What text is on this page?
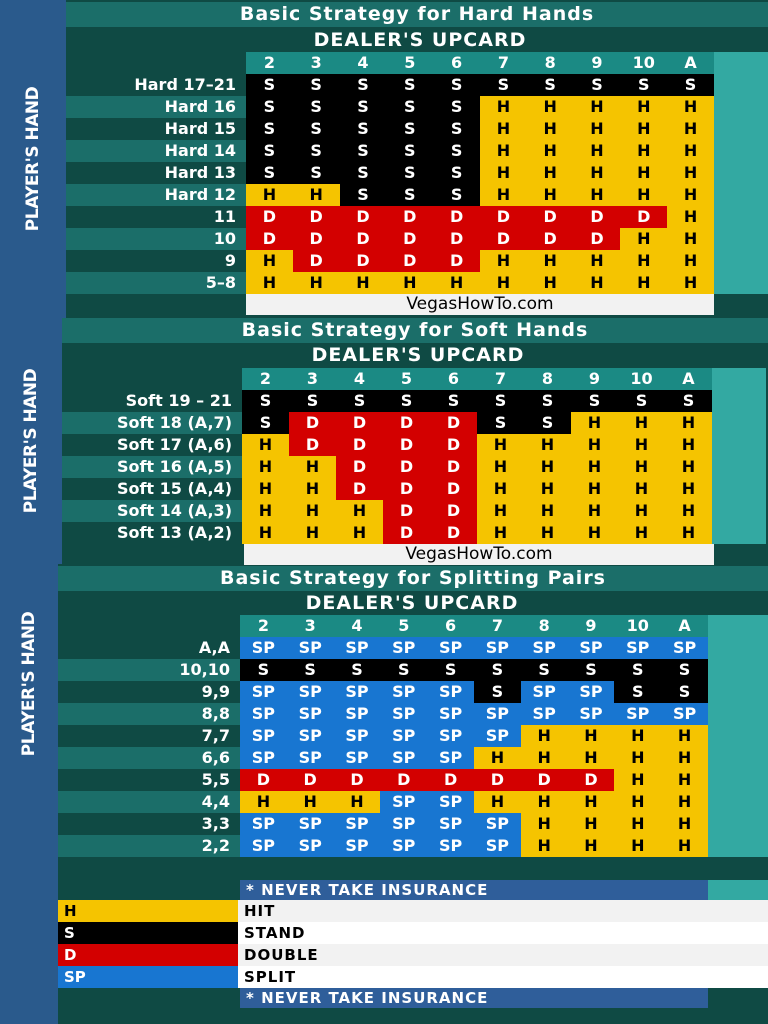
PLAYER'S HAND
Basic Strategy for Hard Hands
DEALER'S UPCARD
2	3	4	5	6	7	8	9	10	A
Hard 17–21	S	S	S	S	S	S	S	S	S	S
Hard 16	S	S	S	S	S	H	H	H	H	H
Hard 15	S	S	S	S	S	H	H	H	H	H
Hard 14	S	S	S	S	S	H	H	H	H	H
Hard 13	S	S	S	S	S	H	H	H	H	H
Hard 12	H	H	S	S	S	H	H	H	H	H
11	D	D	D	D	D	D	D	D	D	H
10	D	D	D	D	D	D	D	D	H	H
9	H	D	D	D	D	H	H	H	H	H
5–8	H	H	H	H	H	H	H	H	H	H
VegasHowTo.com
PLAYER'S HAND
Basic Strategy for Soft Hands
DEALER'S UPCARD
2	3	4	5	6	7	8	9	10	A
Soft 19 – 21	S	S	S	S	S	S	S	S	S	S
Soft 18 (A,7)	S	D	D	D	D	S	S	H	H	H
Soft 17 (A,6)	H	D	D	D	D	H	H	H	H	H
Soft 16 (A,5)	H	H	D	D	D	H	H	H	H	H
Soft 15 (A,4)	H	H	D	D	D	H	H	H	H	H
Soft 14 (A,3)	H	H	H	D	D	H	H	H	H	H
Soft 13 (A,2)	H	H	H	D	D	H	H	H	H	H
VegasHowTo.com
PLAYER'S HAND
Basic Strategy for Splitting Pairs
DEALER'S UPCARD
2	3	4	5	6	7	8	9	10	A
A,A	SP	SP	SP	SP	SP	SP	SP	SP	SP	SP
10,10	S	S	S	S	S	S	S	S	S	S
9,9	SP	SP	SP	SP	SP	S	SP	SP	S	S
8,8	SP	SP	SP	SP	SP	SP	SP	SP	SP	SP
7,7	SP	SP	SP	SP	SP	SP	H	H	H	H
6,6	SP	SP	SP	SP	SP	H	H	H	H	H
5,5	D	D	D	D	D	D	D	D	H	H
4,4	H	H	H	SP	SP	H	H	H	H	H
3,3	SP	SP	SP	SP	SP	SP	H	H	H	H
2,2	SP	SP	SP	SP	SP	SP	H	H	H	H
* NEVER TAKE INSURANCE
H	HIT
S	STAND
D	DOUBLE
SP	SPLIT
* NEVER TAKE INSURANCE
